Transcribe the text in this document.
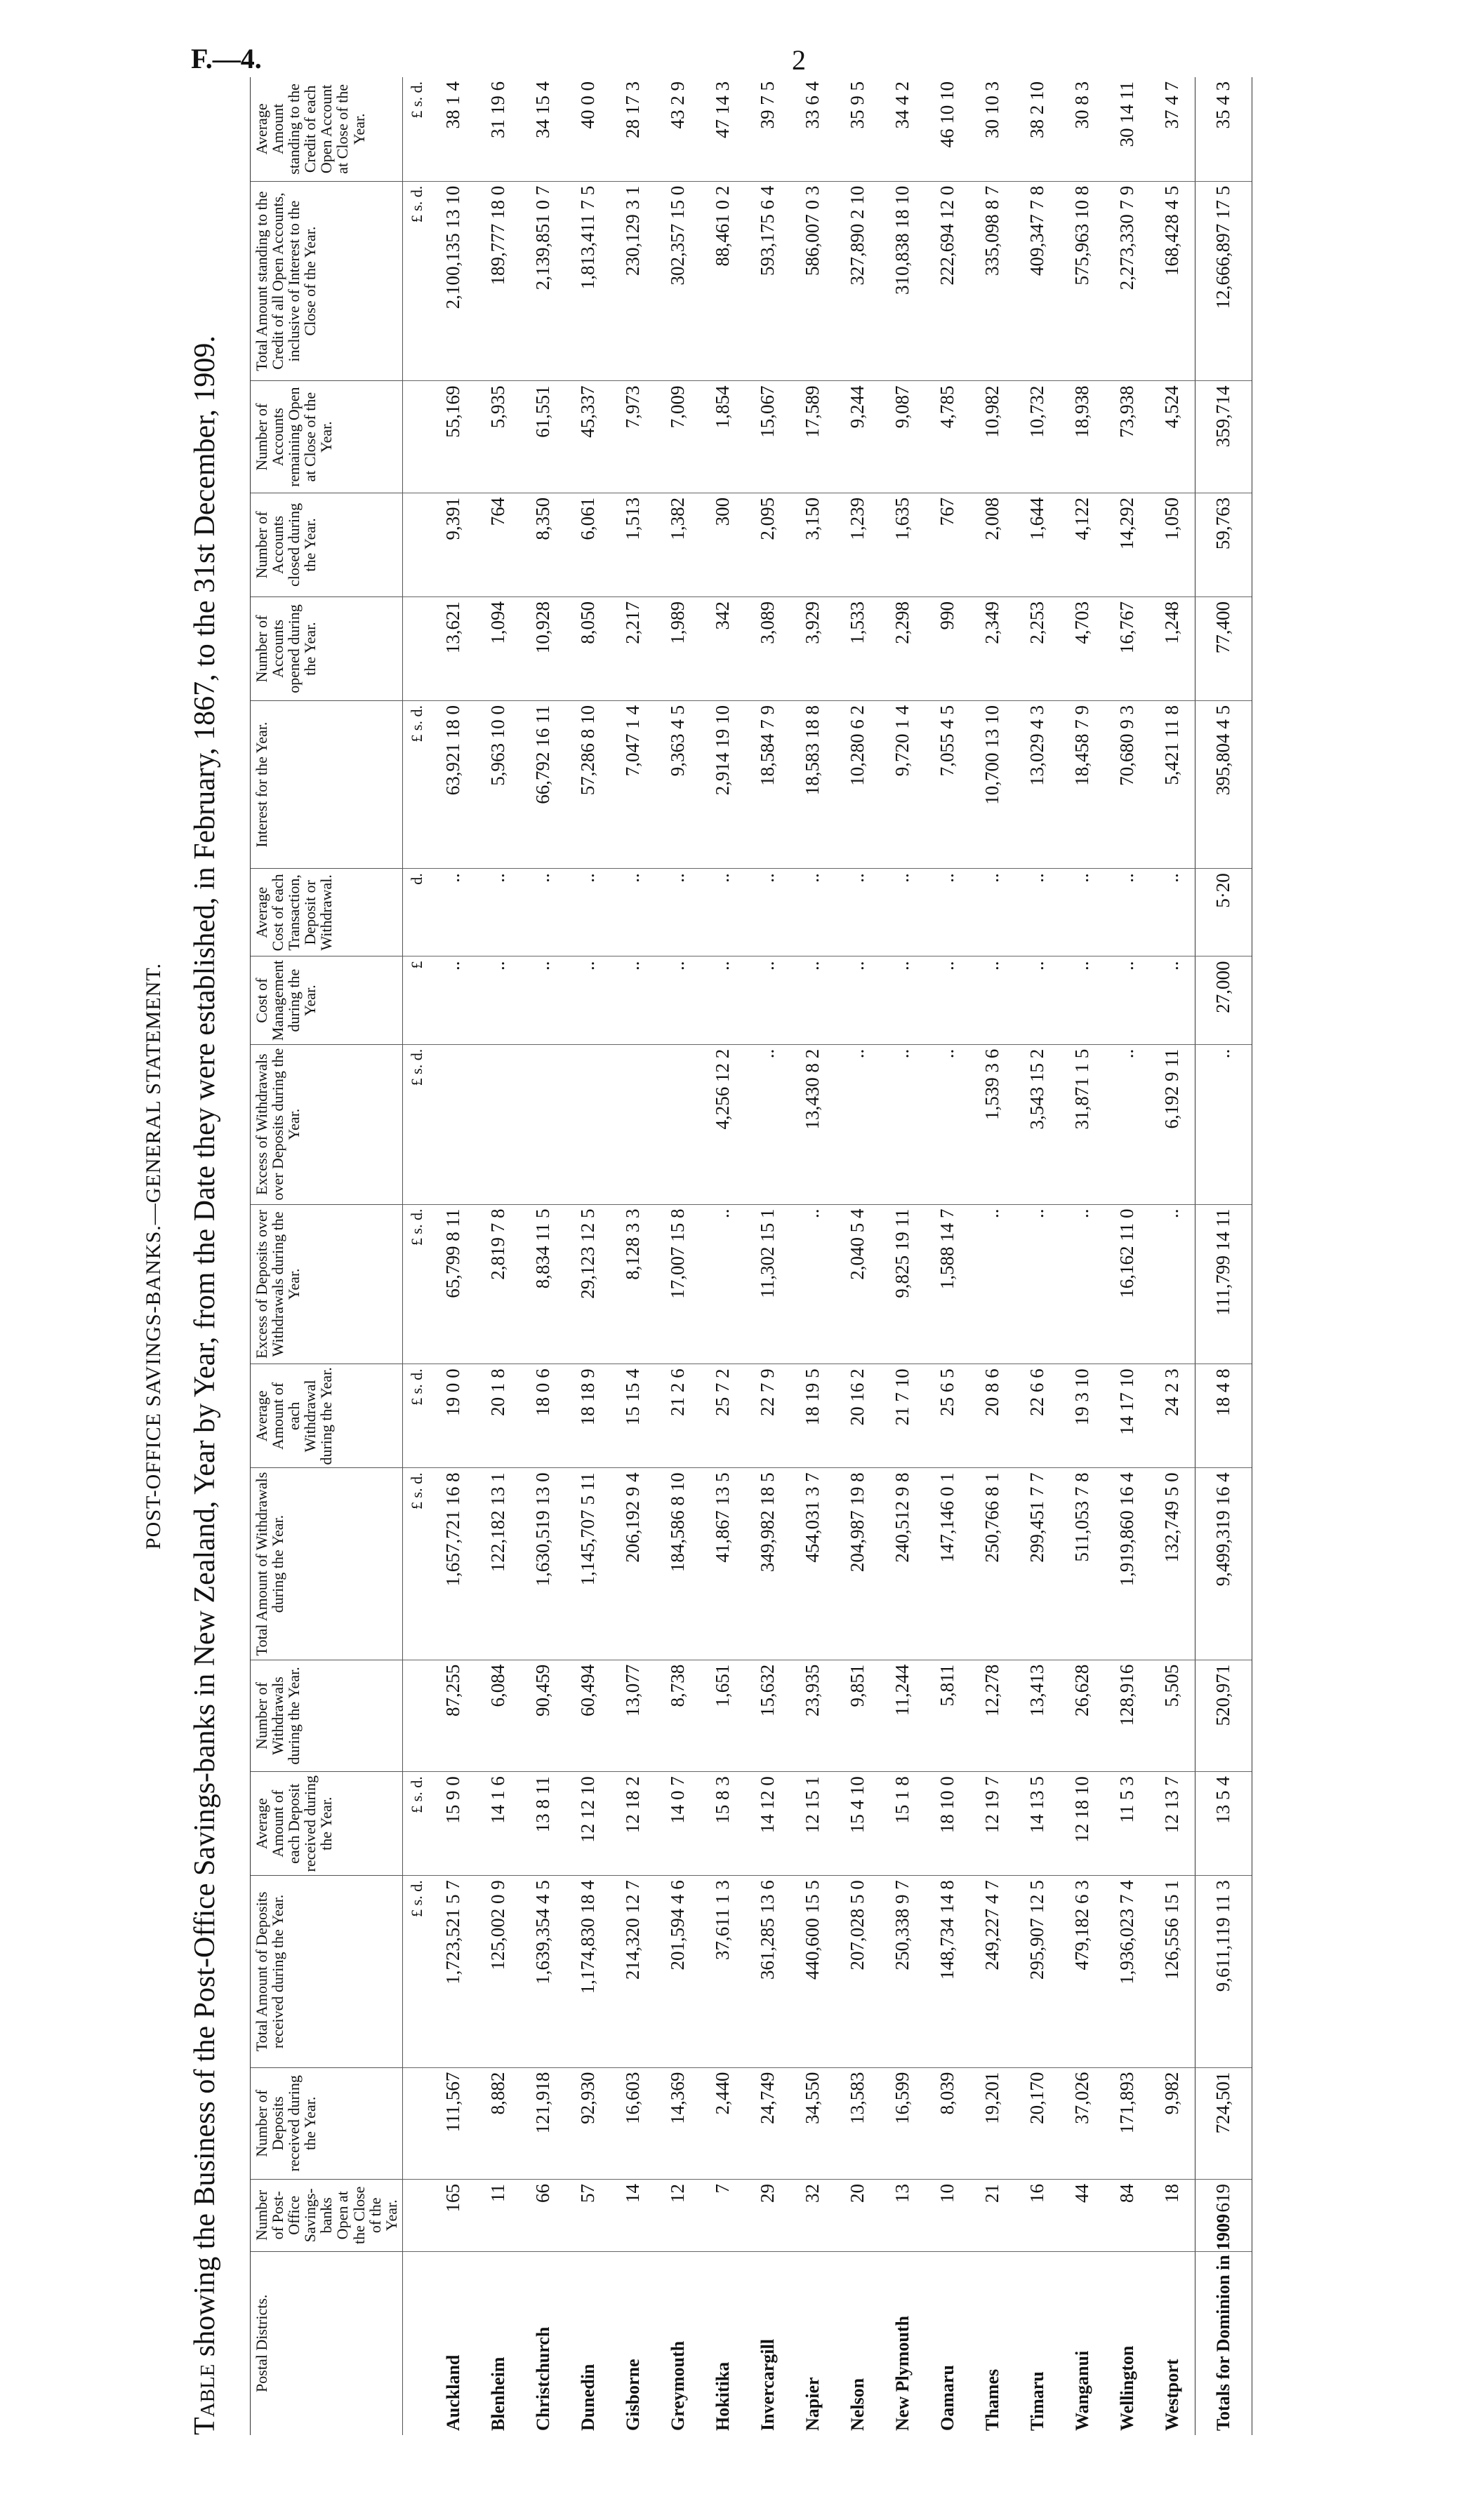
F.—4.	2
POST-OFFICE SAVINGS-BANKS.—GENERAL STATEMENT.
Table showing the Business of the Post-Office Savings-banks in New Zealand, Year by Year, from the Date they were established, in February, 1867, to the 31st December, 1909. Postal Districts.	Number of Post-Office Savings-banks Open at the Close of the Year.	Number of Deposits received during the Year.	Total Amount of Deposits received during the Year.	Average Amount of each Deposit received during the Year.	Number of Withdrawals during the Year.	Total Amount of Withdrawals during the Year.	Average Amount of each Withdrawal during the Year.	Excess of Deposits over Withdrawals during the Year.	Excess of Withdrawals over Deposits during the Year.	Cost of Management during the Year.	Average Cost of each Transaction, Deposit or Withdrawal.	Interest for the Year.	Number of Accounts opened during the Year.	Number of Accounts closed during the Year.	Number of Accounts remaining Open at Close of the Year.	Total Amount standing to the Credit of all Open Accounts, inclusive of Interest to the Close of the Year.	Average Amount standing to the Credit of each Open Account at Close of the Year.
			£ s. d.	£ s. d.		£ s. d.	£ s. d.	£ s. d.	£ s. d.	£	d.	£ s. d.				£ s. d.	£ s. d.
Auckland	165	111,567	1,723,521 5 7	15 9 0	87,255	1,657,721 16 8	19 0 0	65,799 8 11		..	..	63,921 18 0	13,621	9,391	55,169	2,100,135 13 10	38 1 4
Blenheim	11	8,882	125,002 0 9	14 1 6	6,084	122,182 13 1	20 1 8	2,819 7 8		..	..	5,963 10 0	1,094	764	5,935	189,777 18 0	31 19 6
Christchurch	66	121,918	1,639,354 4 5	13 8 11	90,459	1,630,519 13 0	18 0 6	8,834 11 5		..	..	66,792 16 11	10,928	8,350	61,551	2,139,851 0 7	34 15 4
Dunedin	57	92,930	1,174,830 18 4	12 12 10	60,494	1,145,707 5 11	18 18 9	29,123 12 5		..	..	57,286 8 10	8,050	6,061	45,337	1,813,411 7 5	40 0 0
Gisborne	14	16,603	214,320 12 7	12 18 2	13,077	206,192 9 4	15 15 4	8,128 3 3		..	..	7,047 1 4	2,217	1,513	7,973	230,129 3 1	28 17 3
Greymouth	12	14,369	201,594 4 6	14 0 7	8,738	184,586 8 10	21 2 6	17,007 15 8		..	..	9,363 4 5	1,989	1,382	7,009	302,357 15 0	43 2 9
Hokitika	7	2,440	37,611 1 3	15 8 3	1,651	41,867 13 5	25 7 2	..	4,256 12 2	..	..	2,914 19 10	342	300	1,854	88,461 0 2	47 14 3
Invercargill	29	24,749	361,285 13 6	14 12 0	15,632	349,982 18 5	22 7 9	11,302 15 1	..	..	..	18,584 7 9	3,089	2,095	15,067	593,175 6 4	39 7 5
Napier	32	34,550	440,600 15 5	12 15 1	23,935	454,031 3 7	18 19 5	..	13,430 8 2	..	..	18,583 18 8	3,929	3,150	17,589	586,007 0 3	33 6 4
Nelson	20	13,583	207,028 5 0	15 4 10	9,851	204,987 19 8	20 16 2	2,040 5 4	..	..	..	10,280 6 2	1,533	1,239	9,244	327,890 2 10	35 9 5
New Plymouth	13	16,599	250,338 9 7	15 1 8	11,244	240,512 9 8	21 7 10	9,825 19 11	..	..	..	9,720 1 4	2,298	1,635	9,087	310,838 18 10	34 4 2
Oamaru	10	8,039	148,734 14 8	18 10 0	5,811	147,146 0 1	25 6 5	1,588 14 7	..	..	..	7,055 4 5	990	767	4,785	222,694 12 0	46 10 10
Thames	21	19,201	249,227 4 7	12 19 7	12,278	250,766 8 1	20 8 6	..	1,539 3 6	..	..	10,700 13 10	2,349	2,008	10,982	335,098 8 7	30 10 3
Timaru	16	20,170	295,907 12 5	14 13 5	13,413	299,451 7 7	22 6 6	..	3,543 15 2	..	..	13,029 4 3	2,253	1,644	10,732	409,347 7 8	38 2 10
Wanganui	44	37,026	479,182 6 3	12 18 10	26,628	511,053 7 8	19 3 10	..	31,871 1 5	..	..	18,458 7 9	4,703	4,122	18,938	575,963 10 8	30 8 3
Wellington	84	171,893	1,936,023 7 4	11 5 3	128,916	1,919,860 16 4	14 17 10	16,162 11 0	..	..	..	70,680 9 3	16,767	14,292	73,938	2,273,330 7 9	30 14 11
Westport	18	9,982	126,556 15 1	12 13 7	5,505	132,749 5 0	24 2 3	..	6,192 9 11	..	..	5,421 11 8	1,248	1,050	4,524	168,428 4 5	37 4 7
Totals for Dominion in 1909	619	724,501	9,611,119 11 3	13 5 4	520,971	9,499,319 16 4	18 4 8	111,799 14 11	..	27,000	5·20	395,804 4 5	77,400	59,763	359,714	12,666,897 17 5	35 4 3
